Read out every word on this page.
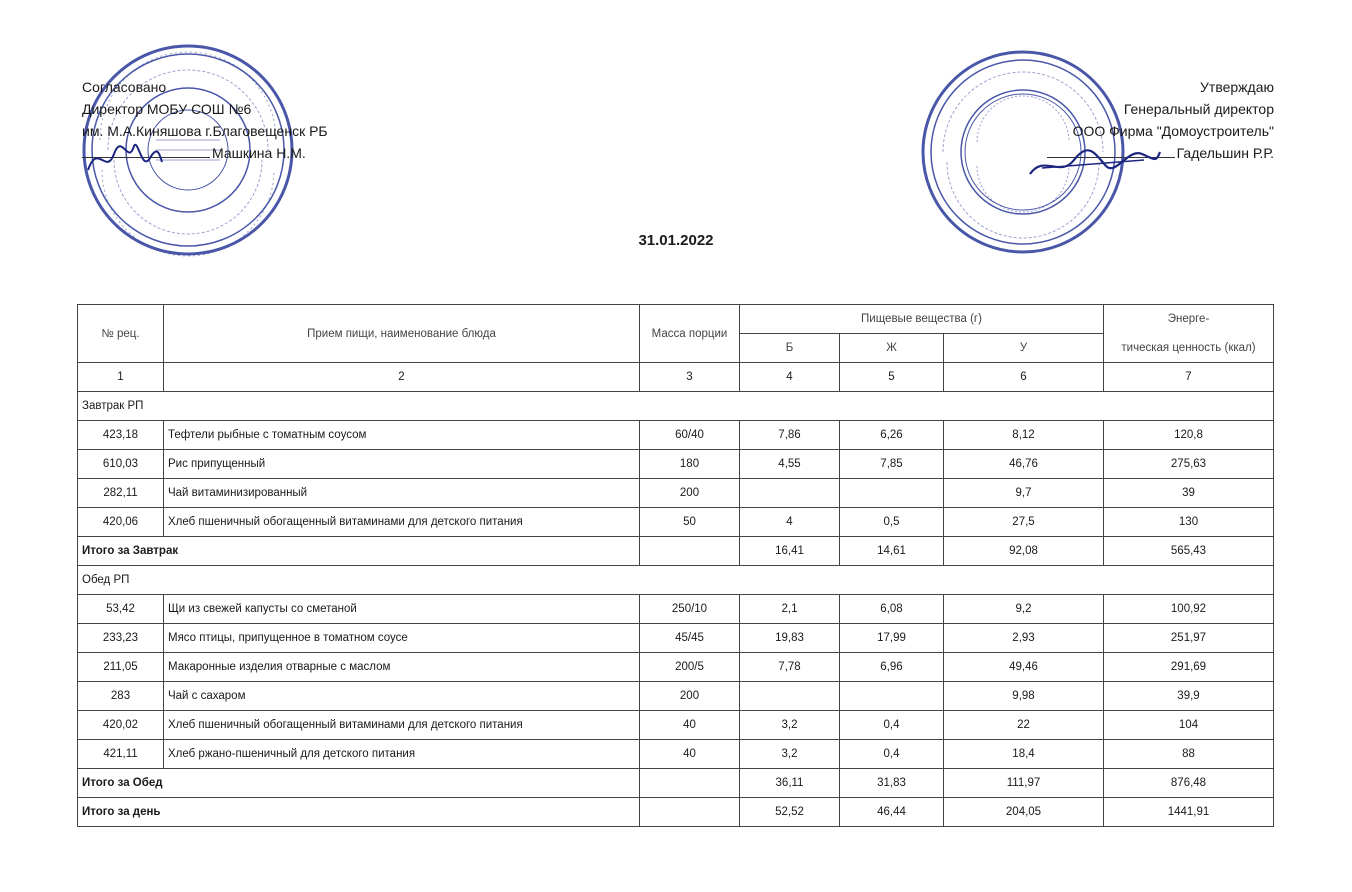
Согласовано
Директор МОБУ СОШ №6
им. М.А.Киняшова г.Благовещенск РБ
Машкина Н.М.
Утверждаю
Генеральный директор
ООО Фирма "Домоустроитель"
Гадельшин Р.Р.
31.01.2022
№ рец.	Прием пищи, наименование блюда	Масса порции	Пищевые вещества (г)			Энерге-
			Б	Ж	У	тическая ценность (ккал)
1	2	3	4	5	6	7
Завтрак РП						
423,18	Тефтели рыбные с томатным соусом	60/40	7,86	6,26	8,12	120,8
610,03	Рис припущенный	180	4,55	7,85	46,76	275,63
282,11	Чай витаминизированный	200			9,7	39
420,06	Хлеб пшеничный обогащенный витаминами для детского питания	50	4	0,5	27,5	130
Итого за Завтрак			16,41	14,61	92,08	565,43
Обед РП						
53,42	Щи из свежей капусты со сметаной	250/10	2,1	6,08	9,2	100,92
233,23	Мясо птицы, припущенное в томатном соусе	45/45	19,83	17,99	2,93	251,97
211,05	Макаронные изделия отварные с маслом	200/5	7,78	6,96	49,46	291,69
283	Чай с сахаром	200			9,98	39,9
420,02	Хлеб пшеничный обогащенный витаминами для детского питания	40	3,2	0,4	22	104
421,11	Хлеб ржано-пшеничный для детского питания	40	3,2	0,4	18,4	88
Итого за Обед			36,11	31,83	111,97	876,48
Итого за день			52,52	46,44	204,05	1441,91
